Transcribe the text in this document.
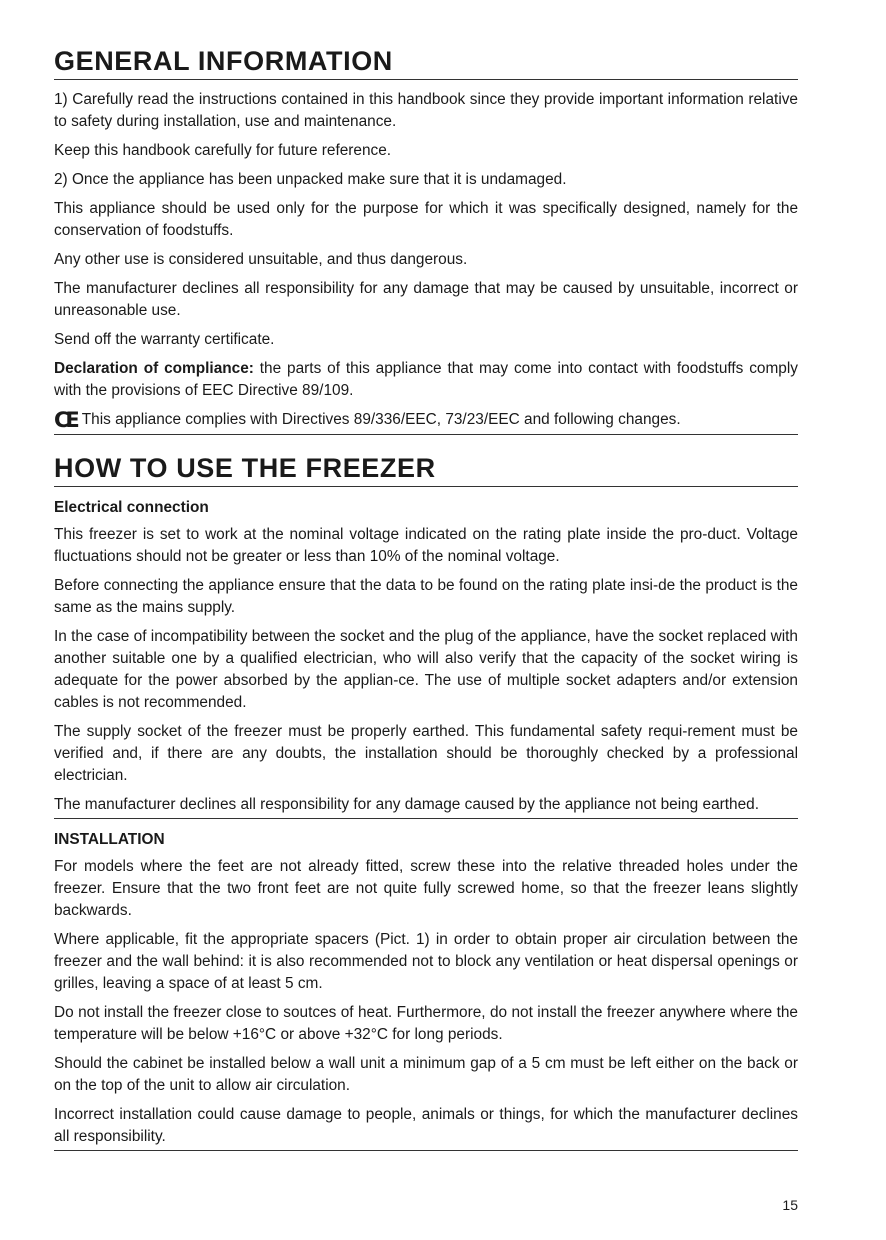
GENERAL INFORMATION

1) Carefully read the instructions contained in this handbook since they provide important information relative to safety during installation, use and maintenance.

Keep this handbook carefully for future reference.

2) Once the appliance has been unpacked make sure that it is undamaged.

This appliance should be used only for the purpose for which it was specifically designed, namely for the conservation of foodstuffs.

Any other use is considered unsuitable, and thus dangerous.

The manufacturer declines all responsibility for any damage that may be caused by unsuitable, incorrect or unreasonable use.

Send off the warranty certificate.

Declaration of compliance: the parts of this appliance that may come into contact with foodstuffs comply with the provisions of EEC Directive 89/109.

CE This appliance complies with Directives 89/336/EEC, 73/23/EEC and following changes.
HOW TO USE THE FREEZER
Electrical connection

This freezer is set to work at the nominal voltage indicated on the rating plate inside the pro-duct. Voltage fluctuations should not be greater or less than 10% of the nominal voltage.

Before connecting the appliance ensure that the data to be found on the rating plate insi-de the product is the same as the mains supply.

In the case of incompatibility between the socket and the plug of the appliance, have the socket replaced with another suitable one by a qualified electrician, who will also verify that the capacity of the socket wiring is adequate for the power absorbed by the applian-ce. The use of multiple socket adapters and/or extension cables is not recommended.

The supply socket of the freezer must be properly earthed. This fundamental safety requi-rement must be verified and, if there are any doubts, the installation should be thoroughly checked by a professional electrician.

The manufacturer declines all responsibility for any damage caused by the appliance not being earthed.

INSTALLATION

For models where the feet are not already fitted, screw these into the relative threaded holes under the freezer. Ensure that the two front feet are not quite fully screwed home, so that the freezer leans slightly backwards.

Where applicable, fit the appropriate spacers (Pict. 1) in order to obtain proper air circulation between the freezer and the wall behind: it is also recommended not to block any ventilation or heat dispersal openings or grilles, leaving a space of at least 5 cm.

Do not install the freezer close to soutces of heat. Furthermore, do not install the freezer anywhere where the temperature will be below +16°C or above +32°C for long periods.

Should the cabinet be installed below a wall unit a minimum gap of a 5 cm must be left either on the back or on the top of the unit to allow air circulation.

Incorrect installation could cause damage to people, animals or things, for which the manufacturer declines all responsibility.

15
